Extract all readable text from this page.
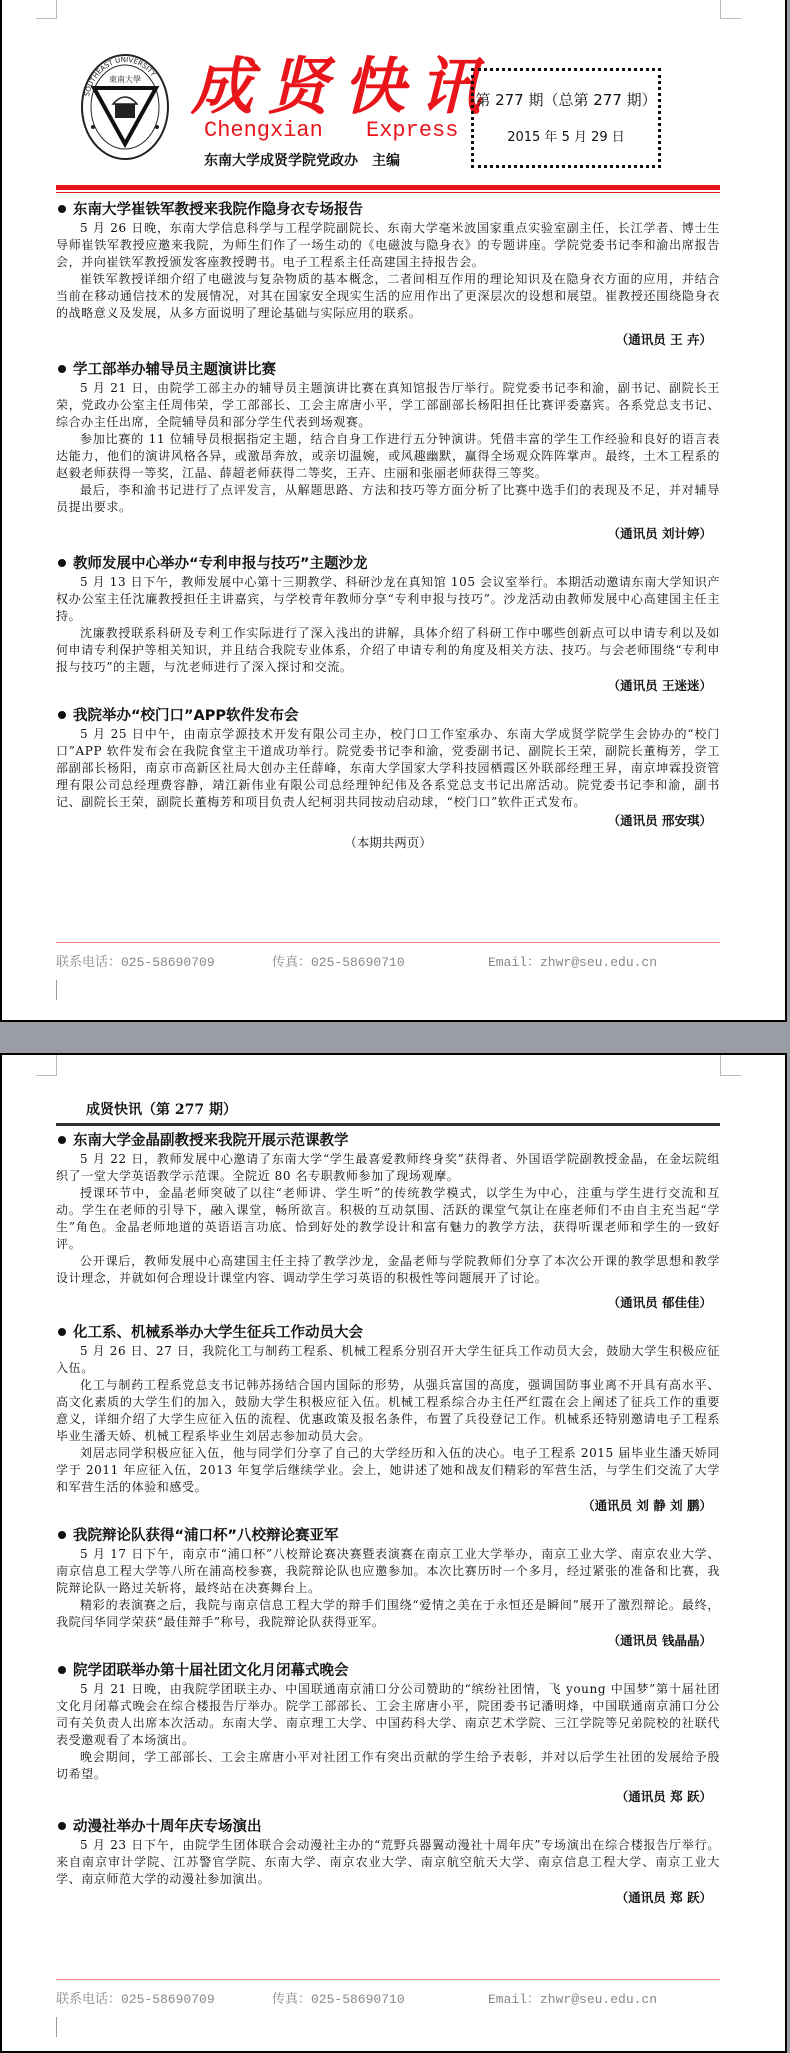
東南大學
SOUTHEAST UNIVERSITY 成贤快讯
Chengxian Express
东南大学成贤学院党政办　主编
第 277 期（总第 277 期）
2015 年 5 月 29 日
东南大学崔铁军教授来我院作隐身衣专场报告

5 月 26 日晚，东南大学信息科学与工程学院副院长、东南大学毫米波国家重点实验室副主任，长江学者、博士生导师崔铁军教授应邀来我院，为师生们作了一场生动的《电磁波与隐身衣》的专题讲座。学院党委书记李和渝出席报告会，并向崔铁军教授颁发客座教授聘书。电子工程系主任高建国主持报告会。

崔铁军教授详细介绍了电磁波与复杂物质的基本概念，二者间相互作用的理论知识及在隐身衣方面的应用，并结合当前在移动通信技术的发展情况，对其在国家安全现实生活的应用作出了更深层次的设想和展望。崔教授还围绕隐身衣的战略意义及发展，从多方面说明了理论基础与实际应用的联系。

（通讯员 王 卉）
学工部举办辅导员主题演讲比赛

5 月 21 日，由院学工部主办的辅导员主题演讲比赛在真知馆报告厅举行。院党委书记李和渝，副书记、副院长王荣，党政办公室主任周伟荣，学工部部长、工会主席唐小平，学工部副部长杨阳担任比赛评委嘉宾。各系党总支书记、综合办主任出席，全院辅导员和部分学生代表到场观赛。

参加比赛的 11 位辅导员根据指定主题，结合自身工作进行五分钟演讲。凭借丰富的学生工作经验和良好的语言表达能力，他们的演讲风格各异，或激昂奔放，或亲切温婉，或风趣幽默，赢得全场观众阵阵掌声。最终，土木工程系的赵毅老师获得一等奖，江晶、薛超老师获得二等奖，王卉、庄丽和张丽老师获得三等奖。

最后，李和渝书记进行了点评发言，从解题思路、方法和技巧等方面分析了比赛中选手们的表现及不足，并对辅导员提出要求。

（通讯员 刘计婷）
教师发展中心举办“专利申报与技巧”主题沙龙

5 月 13 日下午，教师发展中心第十三期教学、科研沙龙在真知馆 105 会议室举行。本期活动邀请东南大学知识产权办公室主任沈廉教授担任主讲嘉宾，与学校青年教师分享“专利申报与技巧”。沙龙活动由教师发展中心高建国主任主持。

沈廉教授联系科研及专利工作实际进行了深入浅出的讲解，具体介绍了科研工作中哪些创新点可以申请专利以及如何申请专利保护等相关知识，并且结合我院专业体系，介绍了申请专利的角度及相关方法、技巧。与会老师围绕“专利申报与技巧”的主题，与沈老师进行了深入探讨和交流。

（通讯员 王迷迷）
我院举办“校门口”APP软件发布会

5 月 25 日中午，由南京学源技术开发有限公司主办，校门口工作室承办、东南大学成贤学院学生会协办的“校门口”APP 软件发布会在我院食堂主干道成功举行。院党委书记李和渝，党委副书记、副院长王荣，副院长董梅芳，学工部副部长杨阳，南京市高新区社局大创办主任薛峰，东南大学国家大学科技园栖霞区外联部经理王昇，南京坤霖投资管理有限公司总经理费容静，靖江新伟业有限公司总经理钟纪伟及各系党总支书记出席活动。院党委书记李和渝，副书记、副院长王荣，副院长董梅芳和项目负责人纪柯羽共同按动启动球，“校门口”软件正式发布。

（通讯员 邢安琪）
（本期共两页）
联系电话：025-58690709	传真：025-58690710	Email：zhwr@seu.edu.cn
成贤快讯（第 277 期）
东南大学金晶副教授来我院开展示范课教学

5 月 22 日，教师发展中心邀请了东南大学“学生最喜爱教师终身奖”获得者、外国语学院副教授金晶，在金坛院组织了一堂大学英语教学示范课。全院近 80 名专职教师参加了现场观摩。

授课环节中，金晶老师突破了以往“老师讲、学生听”的传统教学模式，以学生为中心，注重与学生进行交流和互动。学生在老师的引导下，融入课堂，畅所欲言。积极的互动氛围、活跃的课堂气氛让在座老师们不由自主充当起“学生”角色。金晶老师地道的英语语言功底、恰到好处的教学设计和富有魅力的教学方法，获得听课老师和学生的一致好评。

公开课后，教师发展中心高建国主任主持了教学沙龙，金晶老师与学院教师们分享了本次公开课的教学思想和教学设计理念，并就如何合理设计课堂内容、调动学生学习英语的积极性等问题展开了讨论。

（通讯员 郁佳佳）
化工系、机械系举办大学生征兵工作动员大会

5 月 26 日、27 日，我院化工与制药工程系、机械工程系分别召开大学生征兵工作动员大会，鼓励大学生积极应征入伍。

化工与制药工程系党总支书记韩苏扬结合国内国际的形势，从强兵富国的高度，强调国防事业离不开具有高水平、高文化素质的大学生们的加入，鼓励大学生积极应征入伍。机械工程系综合办主任严红霞在会上阐述了征兵工作的重要意义，详细介绍了大学生应征入伍的流程、优惠政策及报名条件，布置了兵役登记工作。机械系还特别邀请电子工程系毕业生潘天娇、机械工程系毕业生刘居志参加动员大会。

刘居志同学积极应征入伍，他与同学们分享了自己的大学经历和入伍的决心。电子工程系 2015 届毕业生潘天娇同学于 2011 年应征入伍，2013 年复学后继续学业。会上，她讲述了她和战友们精彩的军营生活，与学生们交流了大学和军营生活的体验和感受。

（通讯员 刘 静 刘 鹏）
我院辩论队获得“浦口杯”八校辩论赛亚军

5 月 17 日下午，南京市“浦口杯”八校辩论赛决赛暨表演赛在南京工业大学举办，南京工业大学、南京农业大学、南京信息工程大学等八所在浦高校参赛，我院辩论队也应邀参加。本次比赛历时一个多月，经过紧张的准备和比赛，我院辩论队一路过关斩将，最终站在决赛舞台上。

精彩的表演赛之后，我院与南京信息工程大学的辩手们围绕“爱情之美在于永恒还是瞬间”展开了激烈辩论。最终，我院闫华同学荣获“最佳辩手”称号，我院辩论队获得亚军。

（通讯员 钱晶晶）
院学团联举办第十届社团文化月闭幕式晚会

5 月 21 日晚，由我院学团联主办、中国联通南京浦口分公司赞助的“缤纷社团情，飞 young 中国梦”第十届社团文化月闭幕式晚会在综合楼报告厅举办。院学工部部长、工会主席唐小平，院团委书记潘明烽，中国联通南京浦口分公司有关负责人出席本次活动。东南大学、南京理工大学、中国药科大学、南京艺术学院、三江学院等兄弟院校的社联代表受邀观看了本场演出。

晚会期间，学工部部长、工会主席唐小平对社团工作有突出贡献的学生给予表彰，并对以后学生社团的发展给予殷切希望。

（通讯员 郑 跃）
动漫社举办十周年庆专场演出

5 月 23 日下午，由院学生团体联合会动漫社主办的“荒野兵器翼动漫社十周年庆”专场演出在综合楼报告厅举行。来自南京审计学院、江苏警官学院、东南大学、南京农业大学、南京航空航天大学、南京信息工程大学、南京工业大学、南京师范大学的动漫社参加演出。

（通讯员 郑 跃）
联系电话：025-58690709	传真：025-58690710	Email：zhwr@seu.edu.cn
